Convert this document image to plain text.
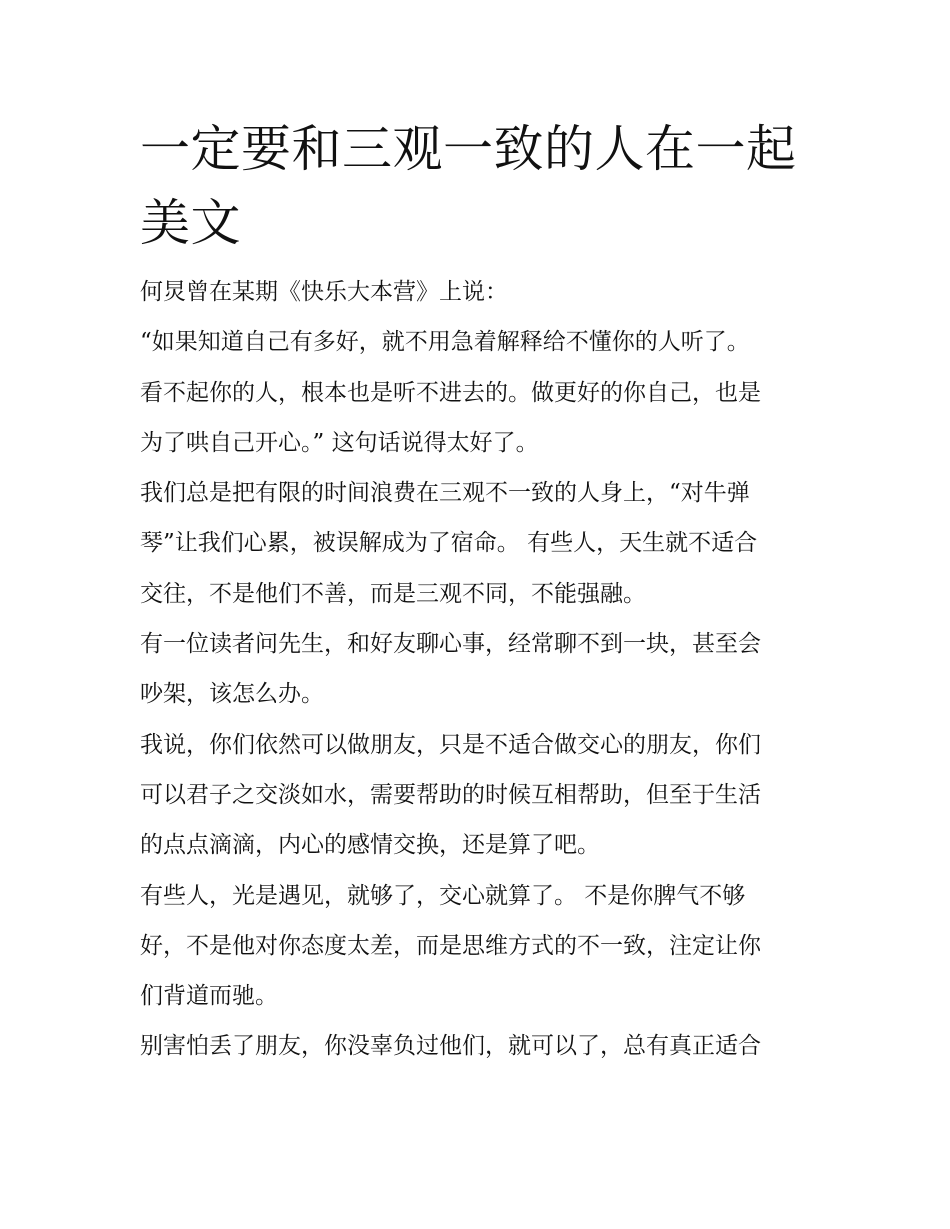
一定要和三观一致的人在一起
美文

何炅曾在某期《快乐大本营》上说：

“如果知道自己有多好，就不用急着解释给不懂你的人听了。

看不起你的人，根本也是听不进去的。做更好的你自己，也是

为了哄自己开心。” 这句话说得太好了。

我们总是把有限的时间浪费在三观不一致的人身上，“对牛弹

琴”让我们心累，被误解成为了宿命。 有些人，天生就不适合

交往，不是他们不善，而是三观不同，不能强融。

有一位读者问先生，和好友聊心事，经常聊不到一块，甚至会

吵架，该怎么办。

我说，你们依然可以做朋友，只是不适合做交心的朋友，你们

可以君子之交淡如水，需要帮助的时候互相帮助，但至于生活

的点点滴滴，内心的感情交换，还是算了吧。

有些人，光是遇见，就够了，交心就算了。 不是你脾气不够

好，不是他对你态度太差，而是思维方式的不一致，注定让你

们背道而驰。

别害怕丢了朋友，你没辜负过他们，就可以了，总有真正适合
